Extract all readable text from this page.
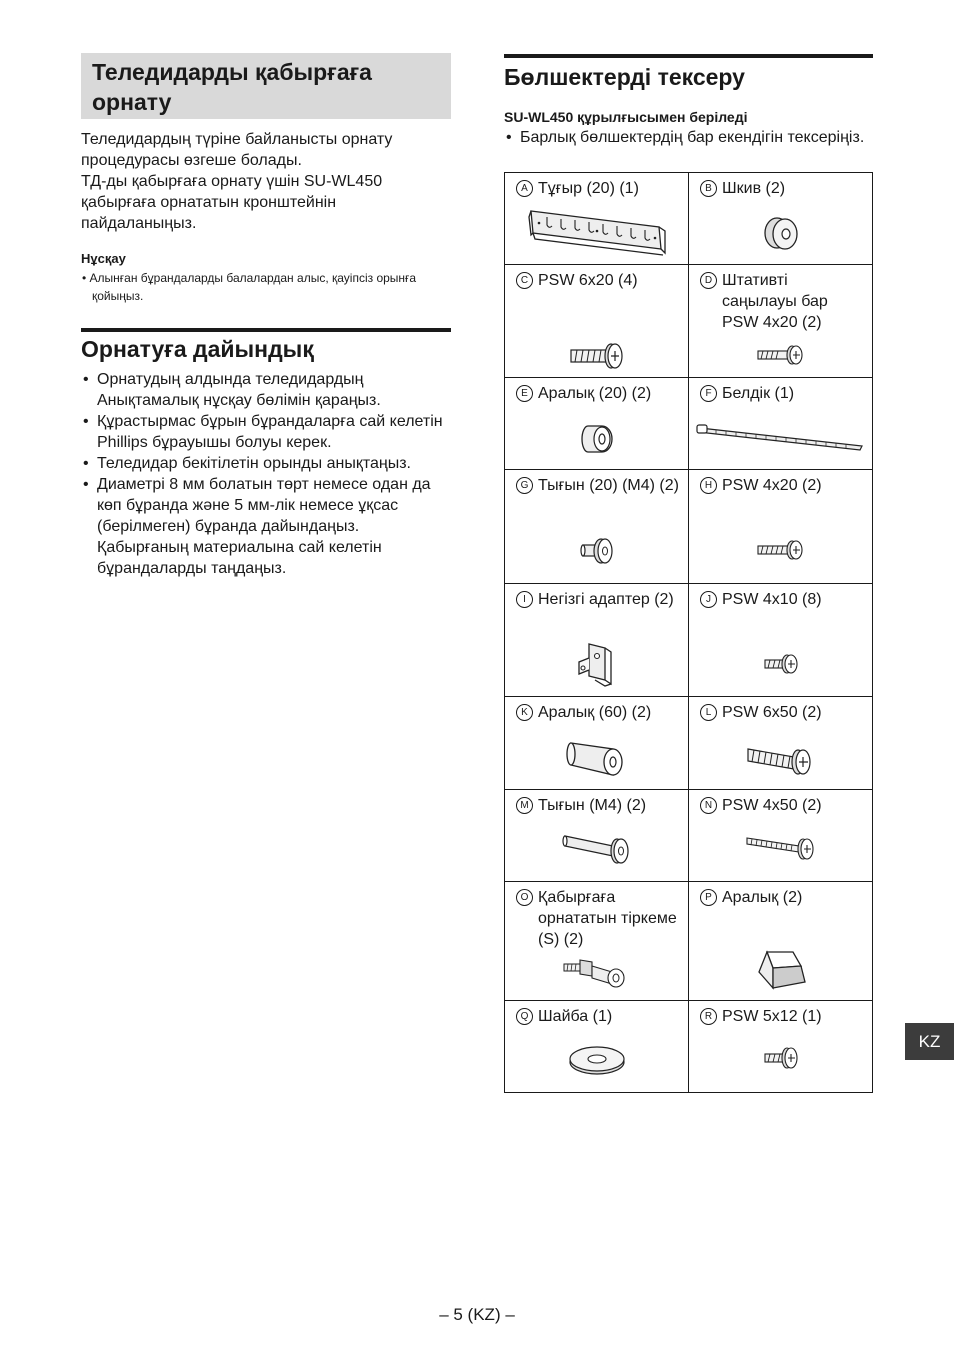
Теледидарды қабырғаға орнату
Теледидардың түріне байланысты орнату процедурасы өзгеше болады.
ТД-ды қабырғаға орнату үшін SU-WL450 қабырғаға орнататын кронштейнін пайдаланыңыз.
Нұсқау
• Алынған бұрандаларды балалардан алыс, қауіпсіз орынға қойыңыз.
Орнатуға дайындық
• Орнатудың алдында теледидардың Анықтамалық нұсқау бөлімін қараңыз.
• Құрастырмас бұрын бұрандаларға сай келетін Phillips бұрауышы болуы керек.
• Теледидар бекітілетін орынды анықтаңыз.
• Диаметрі 8 мм болатын төрт немесе одан да көп бұранда және 5 мм-лік немесе ұқсас (берілмеген) бұранда дайындаңыз. Қабырғаның материалына сай келетін бұрандаларды таңдаңыз.
Бөлшектерді тексеру
SU-WL450 құрылғысымен беріледі
• Барлық бөлшектердің бар екендігін тексеріңіз.
A Тұғыр (20) (1)	B Шкив (2)

C PSW 6x20 (4)	D Штативті саңылауы бар PSW 4x20 (2)

E Аралық (20) (2)	F Белдік (1)

G Тығын (20) (M4) (2)	H PSW 4x20 (2)

I Негізгі адаптер (2)	J PSW 4x10 (8)

K Аралық (60) (2)	L PSW 6x50 (2)

M Тығын (M4) (2)	N PSW 4x50 (2)

O Қабырғаға орнататын тіркеме (S) (2)	P Аралық (2)

Q Шайба (1)	R PSW 5x12 (1)
KZ
– 5 (KZ) –
